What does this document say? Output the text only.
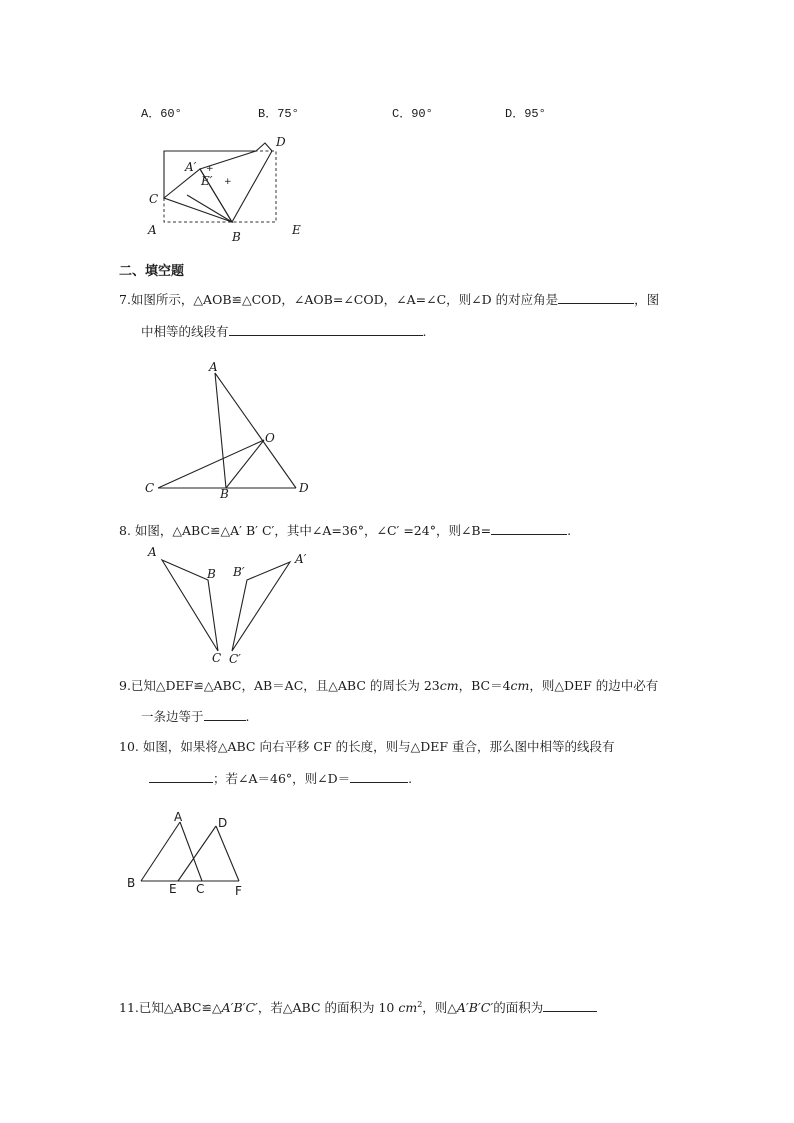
A．60°	B．75°	C．90°	D．95°
D
A′ +
E′ +
C
A	B	E
二、填空题
7.如图所示，△AOB≌△COD，∠AOB=∠COD，∠A=∠C，则∠D 的对应角是	，图
中相等的线段有	.
A
O
C	B	D
8. 如图，△ABC≌△A′ B′ C′，其中∠A=36°，∠C′ =24°，则∠B=	.
A
B
C
B′
A′
C′
9.已知△DEF≌△ABC，AB＝AC，且△ABC 的周长为 23cm，BC＝4cm，则△DEF 的边中必有
一条边等于	.
10. 如图，如果将△ABC 向右平移 CF 的长度，则与△DEF 重合，那么图中相等的线段有
；若∠A＝46°，则∠D＝	.
A	D
B	E C	F
11.已知△ABC≌△A′B′C′，若△ABC 的面积为 10 $cm^2$，则△A′B′C′的面积为
